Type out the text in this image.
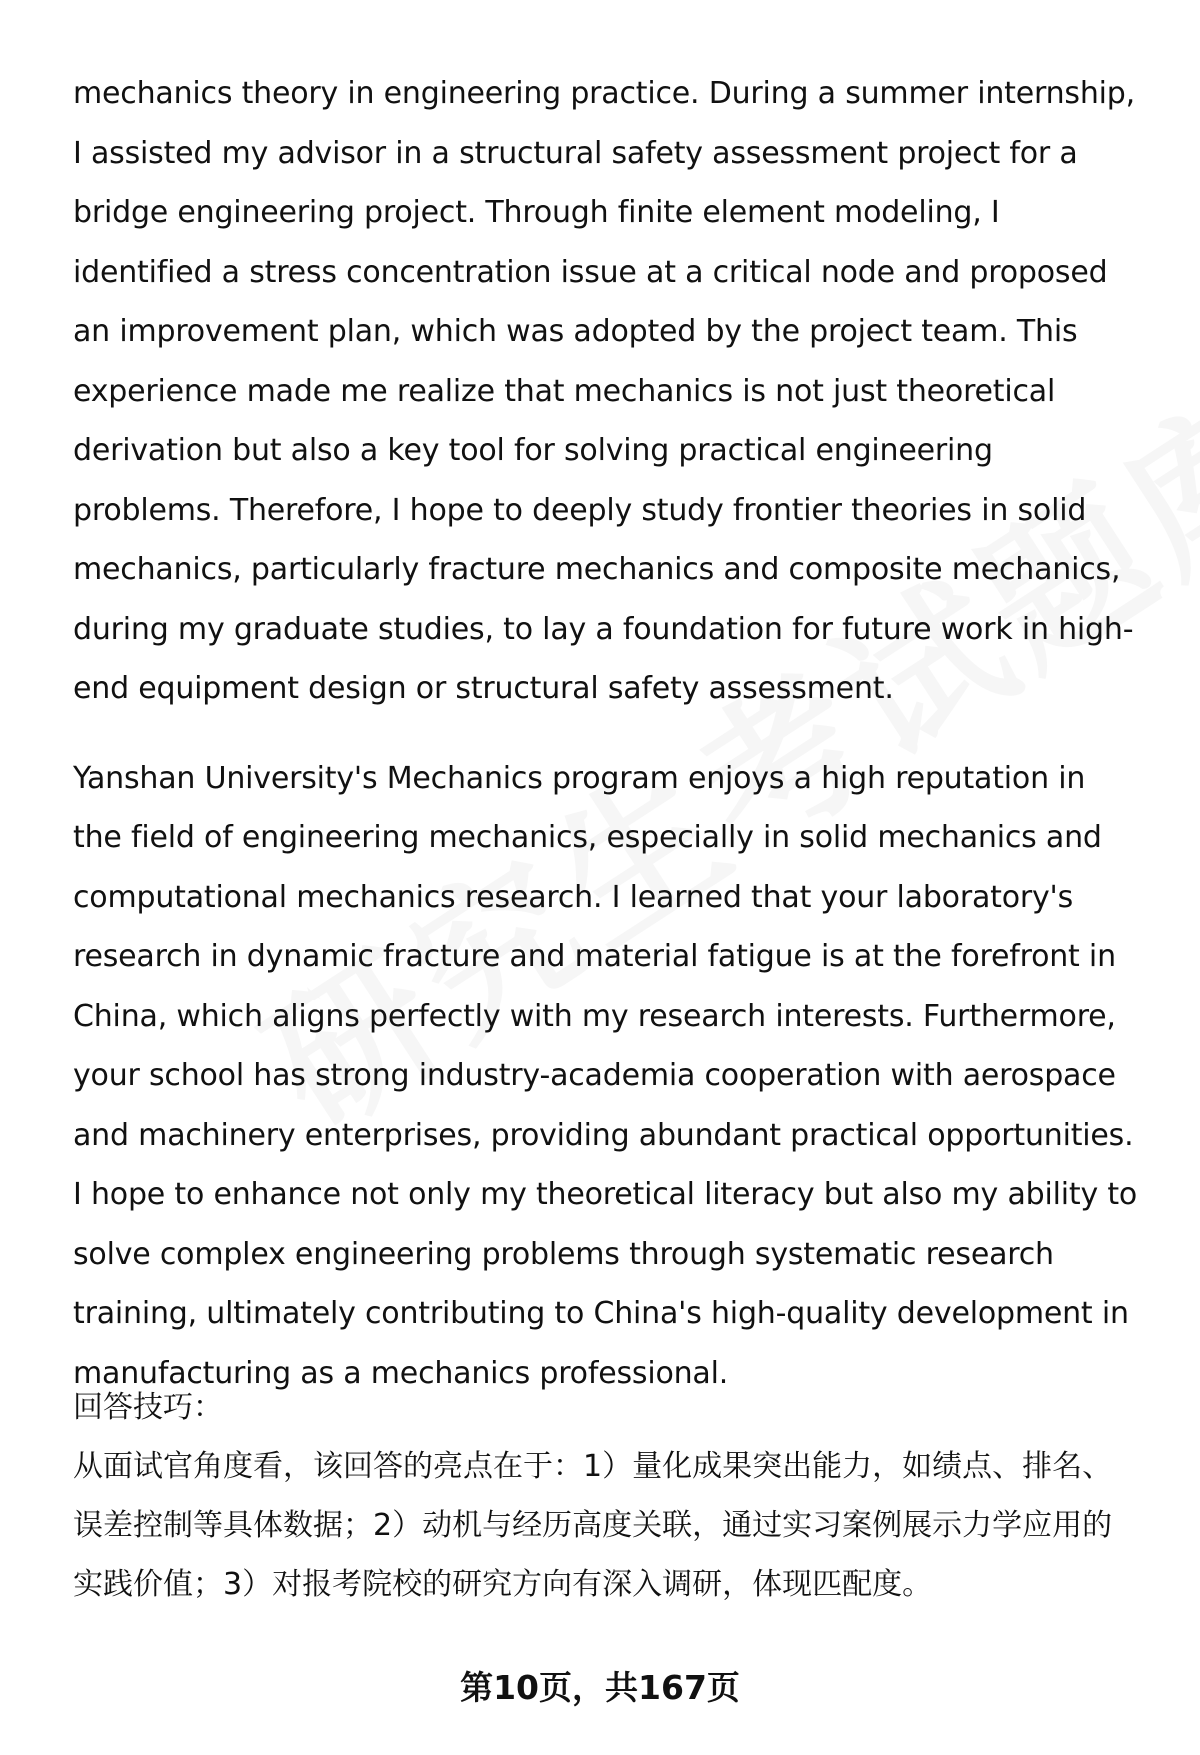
mechanics theory in engineering practice. During a summer internship, I assisted my advisor in a structural safety assessment project for a bridge engineering project. Through finite element modeling, I identified a stress concentration issue at a critical node and proposed an improvement plan, which was adopted by the project team. This experience made me realize that mechanics is not just theoretical derivation but also a key tool for solving practical engineering problems. Therefore, I hope to deeply study frontier theories in solid mechanics, particularly fracture mechanics and composite mechanics, during my graduate studies, to lay a foundation for future work in high-end equipment design or structural safety assessment.

Yanshan University's Mechanics program enjoys a high reputation in the field of engineering mechanics, especially in solid mechanics and computational mechanics research. I learned that your laboratory's research in dynamic fracture and material fatigue is at the forefront in China, which aligns perfectly with my research interests. Furthermore, your school has strong industry-academia cooperation with aerospace and machinery enterprises, providing abundant practical opportunities. I hope to enhance not only my theoretical literacy but also my ability to solve complex engineering problems through systematic research training, ultimately contributing to China's high-quality development in manufacturing as a mechanics professional.

回答技巧：

从面试官角度看，该回答的亮点在于：1）量化成果突出能力，如绩点、排名、误差控制等具体数据；2）动机与经历高度关联，通过实习案例展示力学应用的实践价值；3）对报考院校的研究方向有深入调研，体现匹配度。

第10页，共167页
